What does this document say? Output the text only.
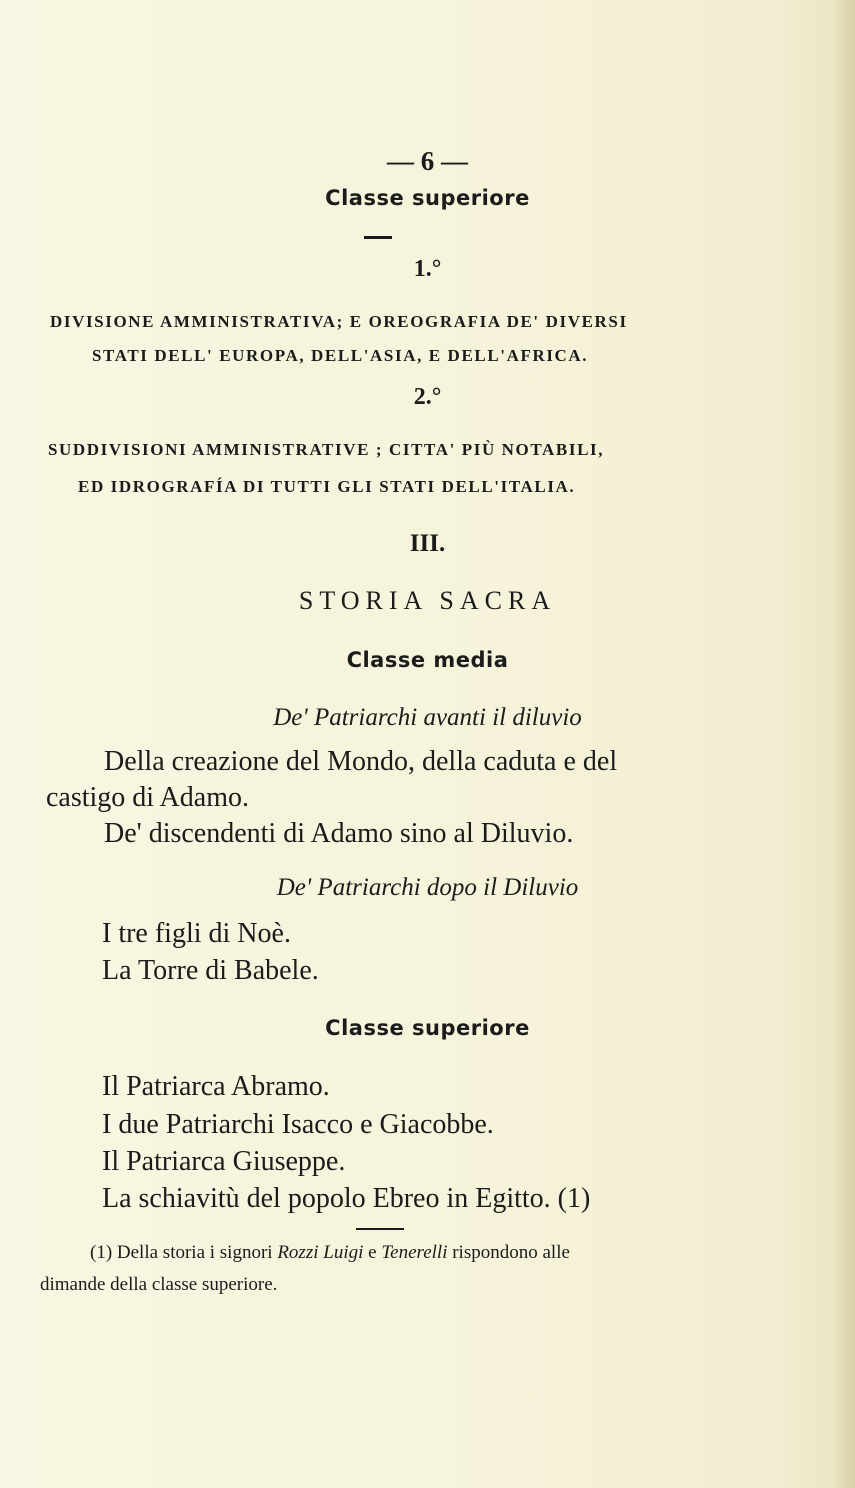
— 6 —
Classe superiore
1.°
DIVISIONE AMMINISTRATIVA; E OREOGRAFIA DE' DIVERSI
STATI DELL' EUROPA, DELL'ASIA, E DELL'AFRICA.
2.°
SUDDIVISIONI AMMINISTRATIVE ; CITTA' PIÙ NOTABILI,
ED IDROGRAFÍA DI TUTTI GLI STATI DELL'ITALIA.
III.
STORIA SACRA
Classe media
De' Patriarchi avanti il diluvio
Della creazione del Mondo, della caduta e del
castigo di Adamo.
De' discendenti di Adamo sino al Diluvio.
De' Patriarchi dopo il Diluvio
I tre figli di Noè.
La Torre di Babele.
Classe superiore
Il Patriarca Abramo.
I due Patriarchi Isacco e Giacobbe.
Il Patriarca Giuseppe.
La schiavitù del popolo Ebreo in Egitto. (1)
(1) Della storia i signori Rozzi Luigi e Tenerelli rispondono alle
dimande della classe superiore.
